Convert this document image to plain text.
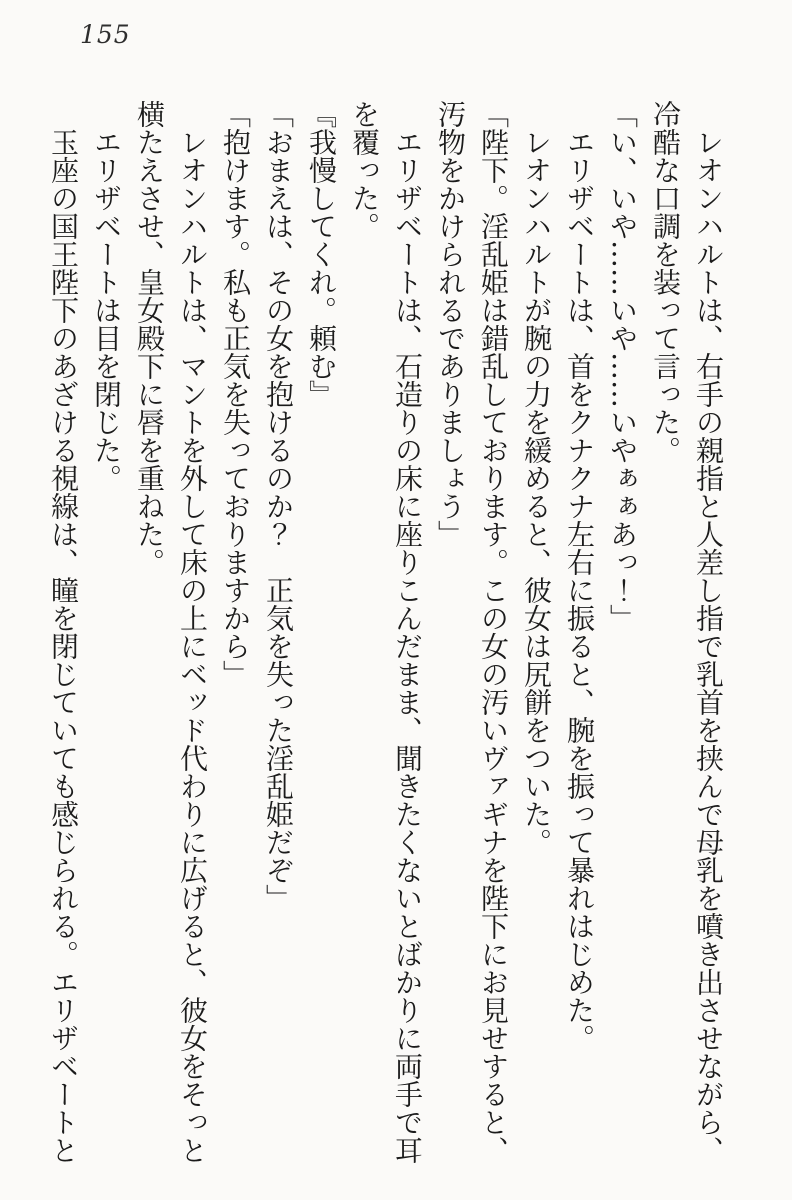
155

レオンハルトは、右手の親指と人差し指で乳首を挟んで母乳を噴き出させながら、

冷酷な口調を装って言った。

「い、いや……いや……いやぁぁあっ！」

エリザベートは、首をクナクナ左右に振ると、腕を振って暴れはじめた。

レオンハルトが腕の力を緩めると、彼女は尻餅をついた。

「陛下。淫乱姫は錯乱しております。この女の汚いヴァギナを陛下にお見せすると、

汚物をかけられるでありましょう」

エリザベートは、石造りの床に座りこんだまま、聞きたくないとばかりに両手で耳

を覆った。

『我慢してくれ。頼む』

「おまえは、その女を抱けるのか？　正気を失った淫乱姫だぞ」

「抱けます。私も正気を失っておりますから」

レオンハルトは、マントを外して床の上にベッド代わりに広げると、彼女をそっと

横たえさせ、皇女殿下に唇を重ねた。

エリザベートは目を閉じた。

玉座の国王陛下のあざける視線は、瞳を閉じていても感じられる。エリザベートと
